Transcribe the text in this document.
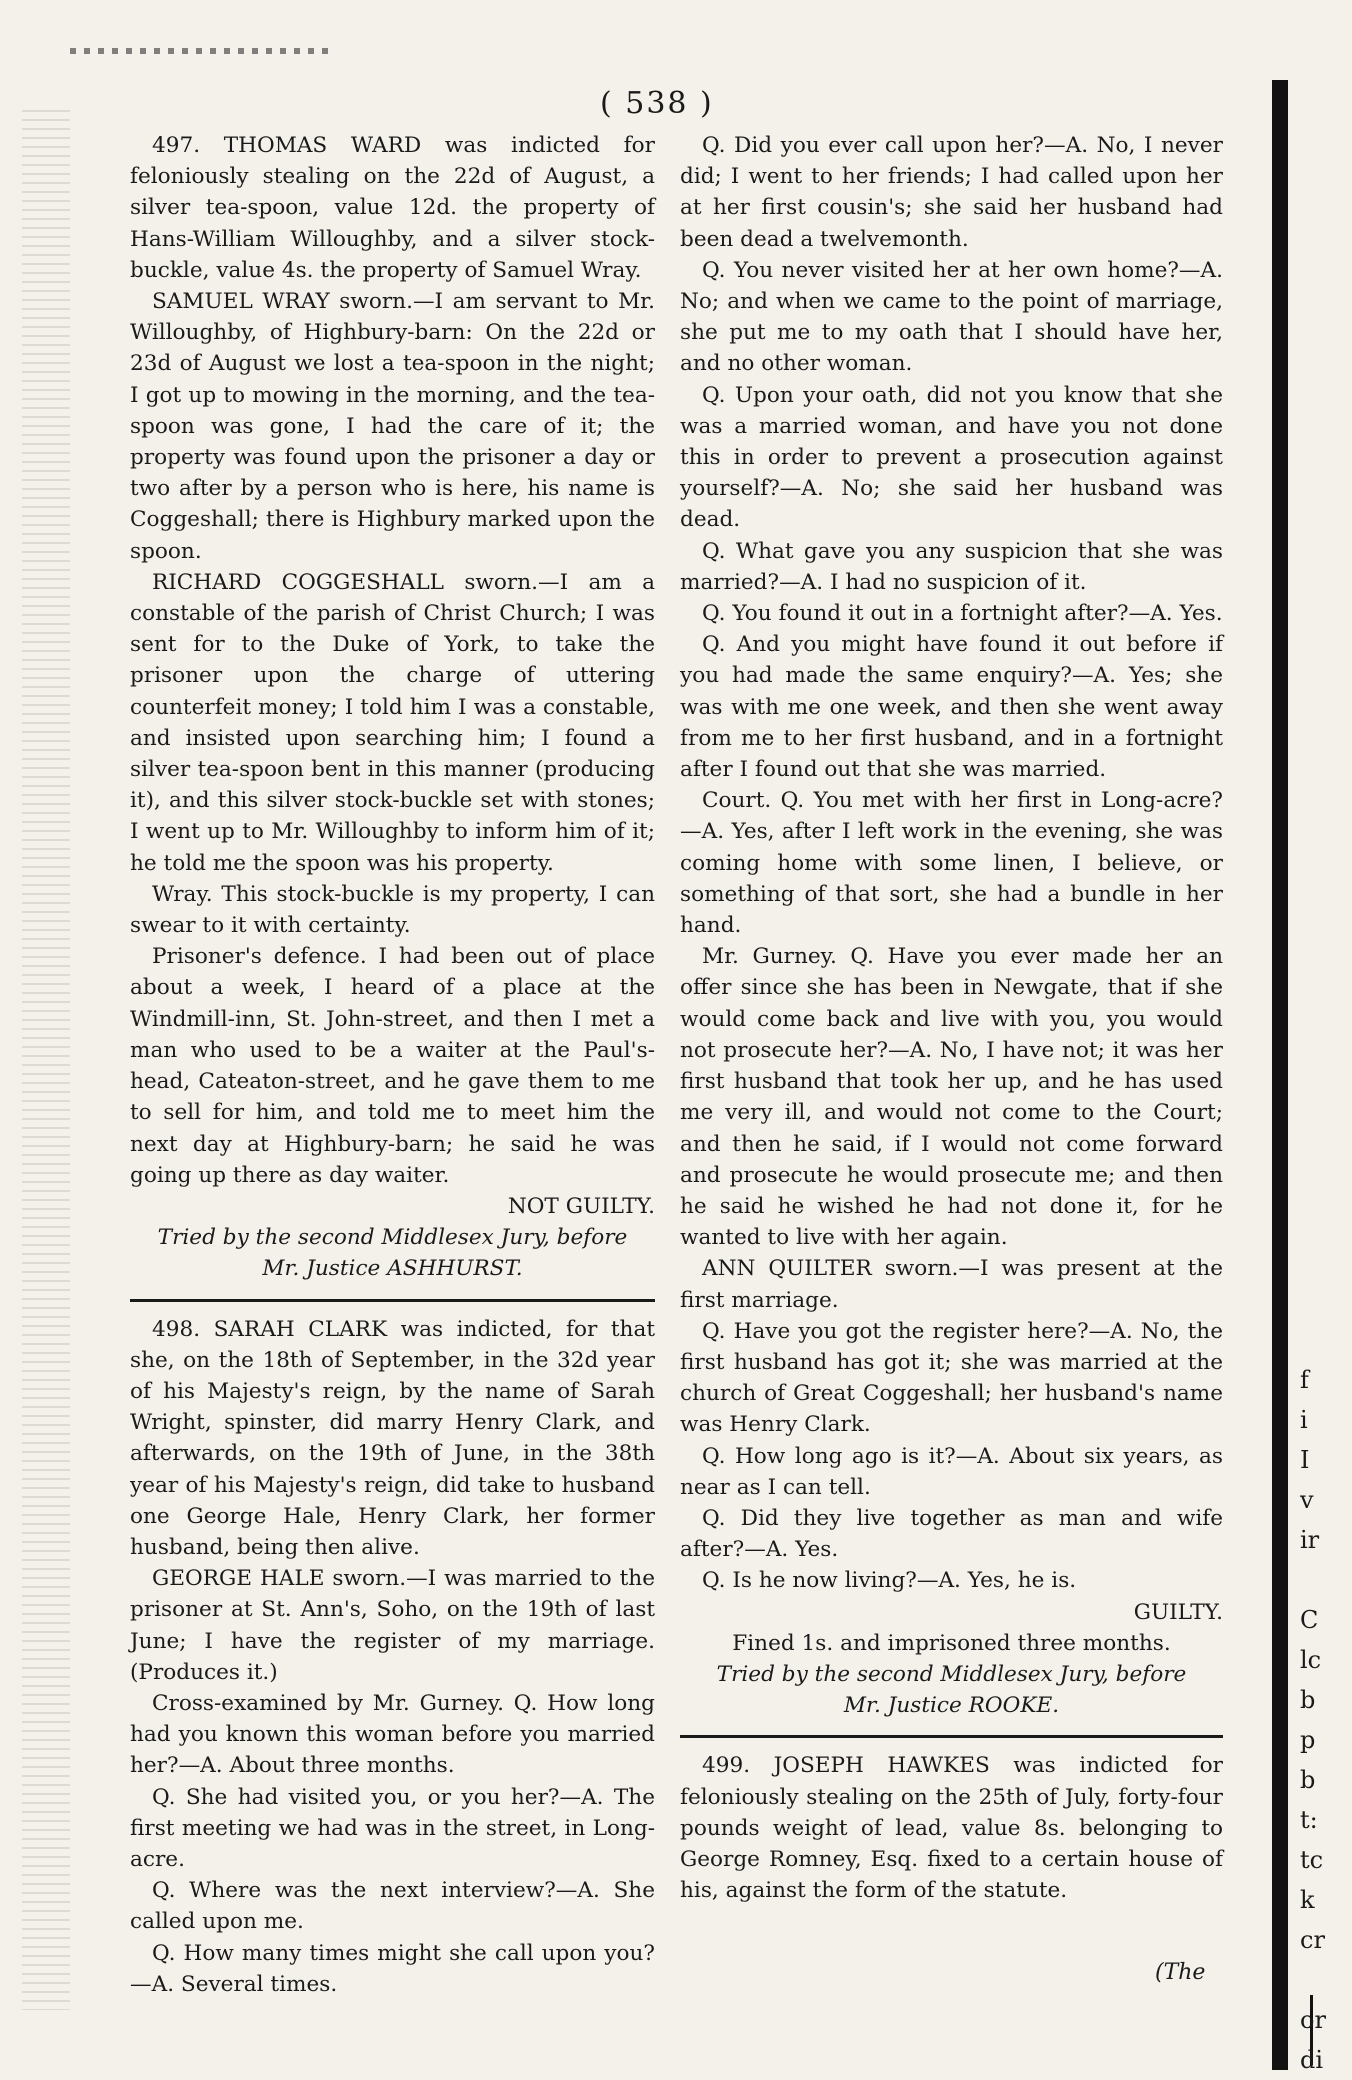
( 538 )

497. THOMAS WARD was indicted for feloniously stealing on the 22d of August, a silver tea-spoon, value 12d. the property of Hans-William Willoughby, and a silver stock-buckle, value 4s. the property of Samuel Wray.

SAMUEL WRAY sworn.—I am servant to Mr. Willoughby, of Highbury-barn: On the 22d or 23d of August we lost a tea-spoon in the night; I got up to mowing in the morning, and the tea-spoon was gone, I had the care of it; the property was found upon the prisoner a day or two after by a person who is here, his name is Coggeshall; there is Highbury marked upon the spoon.

RICHARD COGGESHALL sworn.—I am a constable of the parish of Christ Church; I was sent for to the Duke of York, to take the prisoner upon the charge of uttering counterfeit money; I told him I was a constable, and insisted upon searching him; I found a silver tea-spoon bent in this manner (producing it), and this silver stock-buckle set with stones; I went up to Mr. Willoughby to inform him of it; he told me the spoon was his property.

Wray. This stock-buckle is my property, I can swear to it with certainty.

Prisoner's defence. I had been out of place about a week, I heard of a place at the Windmill-inn, St. John-street, and then I met a man who used to be a waiter at the Paul's-head, Cateaton-street, and he gave them to me to sell for him, and told me to meet him the next day at Highbury-barn; he said he was going up there as day waiter.

NOT GUILTY.

Tried by the second Middlesex Jury, before

Mr. Justice ASHHURST.

498. SARAH CLARK was indicted, for that she, on the 18th of September, in the 32d year of his Majesty's reign, by the name of Sarah Wright, spinster, did marry Henry Clark, and afterwards, on the 19th of June, in the 38th year of his Majesty's reign, did take to husband one George Hale, Henry Clark, her former husband, being then alive.

GEORGE HALE sworn.—I was married to the prisoner at St. Ann's, Soho, on the 19th of last June; I have the register of my marriage. (Produces it.)

Cross-examined by Mr. Gurney. Q. How long had you known this woman before you married her?—A. About three months.

Q. She had visited you, or you her?—A. The first meeting we had was in the street, in Long-acre.

Q. Where was the next interview?—A. She called upon me.

Q. How many times might she call upon you?—A. Several times.

Q. Did you ever call upon her?—A. No, I never did; I went to her friends; I had called upon her at her first cousin's; she said her husband had been dead a twelvemonth.

Q. You never visited her at her own home?—A. No; and when we came to the point of marriage, she put me to my oath that I should have her, and no other woman.

Q. Upon your oath, did not you know that she was a married woman, and have you not done this in order to prevent a prosecution against yourself?—A. No; she said her husband was dead.

Q. What gave you any suspicion that she was married?—A. I had no suspicion of it.

Q. You found it out in a fortnight after?—A. Yes.

Q. And you might have found it out before if you had made the same enquiry?—A. Yes; she was with me one week, and then she went away from me to her first husband, and in a fortnight after I found out that she was married.

Court. Q. You met with her first in Long-acre?—A. Yes, after I left work in the evening, she was coming home with some linen, I believe, or something of that sort, she had a bundle in her hand.

Mr. Gurney. Q. Have you ever made her an offer since she has been in Newgate, that if she would come back and live with you, you would not prosecute her?—A. No, I have not; it was her first husband that took her up, and he has used me very ill, and would not come to the Court; and then he said, if I would not come forward and prosecute he would prosecute me; and then he said he wished he had not done it, for he wanted to live with her again.

ANN QUILTER sworn.—I was present at the first marriage.

Q. Have you got the register here?—A. No, the first husband has got it; she was married at the church of Great Coggeshall; her husband's name was Henry Clark.

Q. How long ago is it?—A. About six years, as near as I can tell.

Q. Did they live together as man and wife after?—A. Yes.

Q. Is he now living?—A. Yes, he is.

GUILTY.

Fined 1s. and imprisoned three months.

Tried by the second Middlesex Jury, before

Mr. Justice ROOKE.

499. JOSEPH HAWKES was indicted for feloniously stealing on the 25th of July, forty-four pounds weight of lead, value 8s. belonging to George Romney, Esq. fixed to a certain house of his, against the form of the statute.

(The
f
i
I
v
ir
C
lc
b
p
b
t:
tc
k
cr
or
di
